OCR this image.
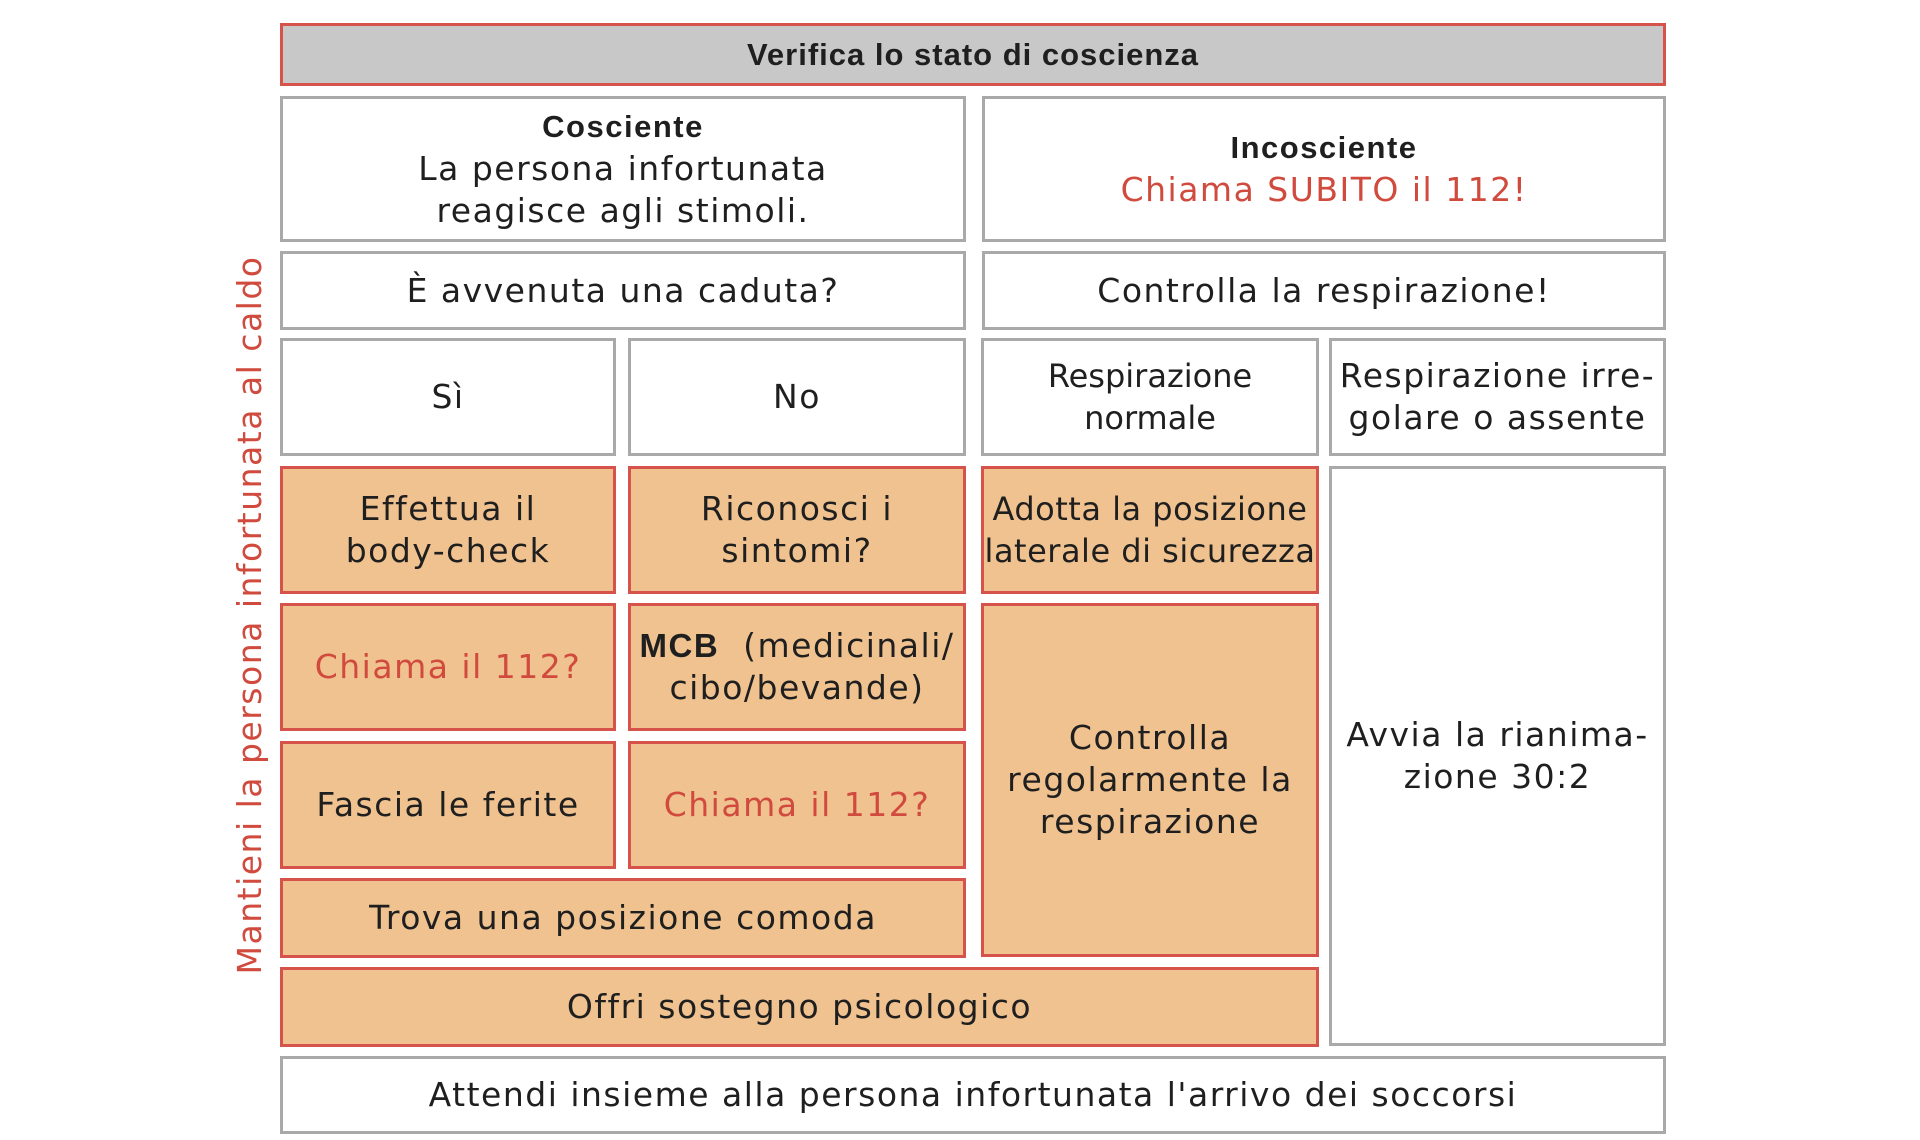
Mantieni la persona infortunata al caldo
Verifica lo stato di coscienza
Cosciente
La persona infortunata
reagisce agli stimoli.
Incosciente
Chiama SUBITO il 112!
È avvenuta una caduta?	Controlla la respirazione!
Sì	No
Respirazione normale
Respirazione irre-
golare o assente
Effettua il
body-check
Riconosci i
sintomi?
Adotta la posizione
laterale di sicurezza
Avvia la rianima-
zione 30:2
Chiama il 112?
MCB (medicinali/
cibo/bevande)
Controlla
regolarmente la
respirazione
Fascia le ferite	Chiama il 112?
Trova una posizione comoda
Offri sostegno psicologico
Attendi insieme alla persona infortunata l'arrivo dei soccorsi
